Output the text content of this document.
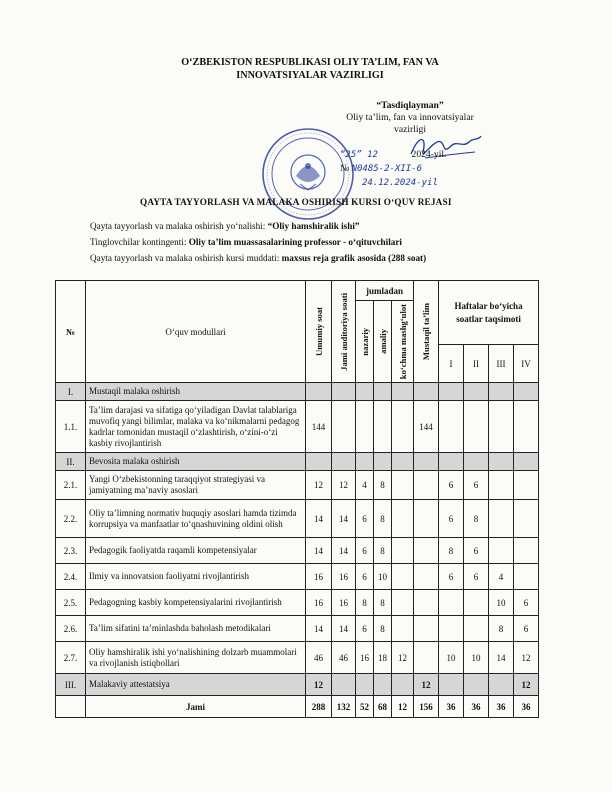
O‘ZBEKISTON RESPUBLIKASI OLIY TA’LIM, FAN VA
INNOVATSIYALAR VAZIRLIGI
“Tasdiqlayman”
Oliy ta’lim, fan va innovatsiyalar
vazirligi
“25” 12	2024-yil.
№ N0485-2-XII-6
24.12.2024-yil
QAYTA TAYYORLASH VA MALAKA OSHIRISH KURSI O‘QUV REJASI
Qayta tayyorlash va malaka oshirish yo‘nalishi: “Oliy hamshiralik ishi”
Tinglovchilar kontingenti: Oliy ta’lim muassasalarining professor - o‘qituvchilari
Qayta tayyorlash va malaka oshirish kursi muddati: maxsus reja grafik asosida (288 soat)
№	O‘quv modullari	Umumiy soat	Jami auditoriya soati	jumladan			Mustaqil ta’lim	Haftalar bo‘yicha soatlar taqsimoti			

				nazariy	amaliy	ko‘chma mashg‘ulot					

								I	II	III	IV
I.	Mustaqil malaka oshirish										
1.1.	Ta’lim darajasi va sifatiga qo‘yiladigan Davlat talablariga muvofiq yangi bilimlar, malaka va ko‘nikmalarni pedagog kadrlar tomonidan mustaqil o‘zlashtirish, o‘zini-o‘zi kasbiy rivojlantirish	144					144				
II.	Bevosita malaka oshirish										
2.1.	Yangi O‘zbekistonning taraqqiyot strategiyasi va jamiyatning ma’naviy asoslari	12	12	4	8			6	6		
2.2.	Oliy ta’limning normativ huquqiy asoslari hamda tizimda korrupsiya va manfaatlar to‘qnashuvining oldini olish	14	14	6	8			6	8		
2.3.	Pedagogik faoliyatda raqamli kompetensiyalar	14	14	6	8			8	6		
2.4.	Ilmiy va innovatsion faoliyatni rivojlantirish	16	16	6	10			6	6	4	
2.5.	Pedagogning kasbiy kompetensiyalarini rivojlantirish	16	16	8	8					10	6
2.6.	Ta’lim sifatini ta’minlashda baholash metodikalari	14	14	6	8					8	6
2.7.	Oliy hamshiralik ishi yo‘nalishining dolzarb muammolari va rivojlanish istiqbollari	46	46	16	18	12		10	10	14	12
III.	Malakaviy attestatsiya	12					12				12
	Jami	288	132	52	68	12	156	36	36	36	36
